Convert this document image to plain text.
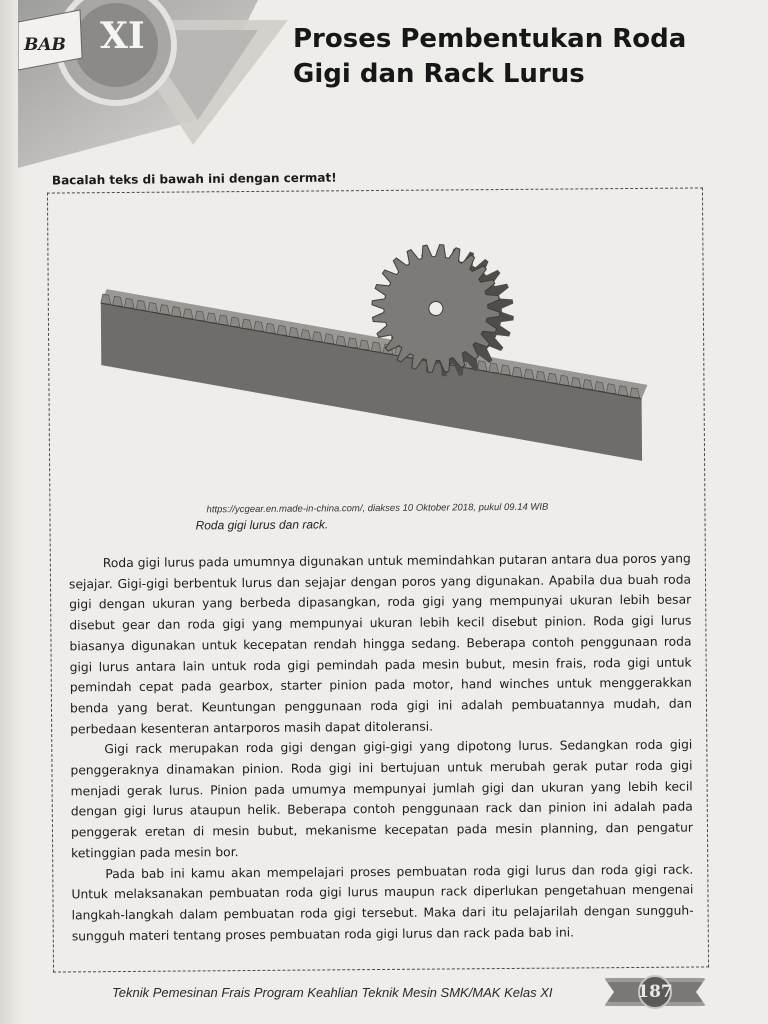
BAB XI	Proses Pembentukan Roda
Gigi dan Rack Lurus
Bacalah teks di bawah ini dengan cermat!
https://ycgear.en.made-in-china.com/, diakses 10 Oktober 2018, pukul 09.14 WIB
Roda gigi lurus dan rack.

Roda gigi lurus pada umumnya digunakan untuk memindahkan putaran antara dua poros yang sejajar. Gigi-gigi berbentuk lurus dan sejajar dengan poros yang digunakan. Apabila dua buah roda gigi dengan ukuran yang berbeda dipasangkan, roda gigi yang mempunyai ukuran lebih besar disebut gear dan roda gigi yang mempunyai ukuran lebih kecil disebut pinion. Roda gigi lurus biasanya digunakan untuk kecepatan rendah hingga sedang. Beberapa contoh penggunaan roda gigi lurus antara lain untuk roda gigi pemindah pada mesin bubut, mesin frais, roda gigi untuk pemindah cepat pada gearbox, starter pinion pada motor, hand winches untuk menggerakkan benda yang berat. Keuntungan penggunaan roda gigi ini adalah pembuatannya mudah, dan perbedaan kesenteran antarporos masih dapat ditoleransi.

Gigi rack merupakan roda gigi dengan gigi-gigi yang dipotong lurus. Sedangkan roda gigi penggeraknya dinamakan pinion. Roda gigi ini bertujuan untuk merubah gerak putar roda gigi menjadi gerak lurus. Pinion pada umumya mempunyai jumlah gigi dan ukuran yang lebih kecil dengan gigi lurus ataupun helik. Beberapa contoh penggunaan rack dan pinion ini adalah pada penggerak eretan di mesin bubut, mekanisme kecepatan pada mesin planning, dan pengatur ketinggian pada mesin bor.

Pada bab ini kamu akan mempelajari proses pembuatan roda gigi lurus dan roda gigi rack. Untuk melaksanakan pembuatan roda gigi lurus maupun rack diperlukan pengetahuan mengenai langkah-langkah dalam pembuatan roda gigi tersebut. Maka dari itu pelajarilah dengan sungguh-sungguh materi tentang proses pembuatan roda gigi lurus dan rack pada bab ini.

Teknik Pemesinan Frais Program Keahlian Teknik Mesin SMK/MAK Kelas XI	187
